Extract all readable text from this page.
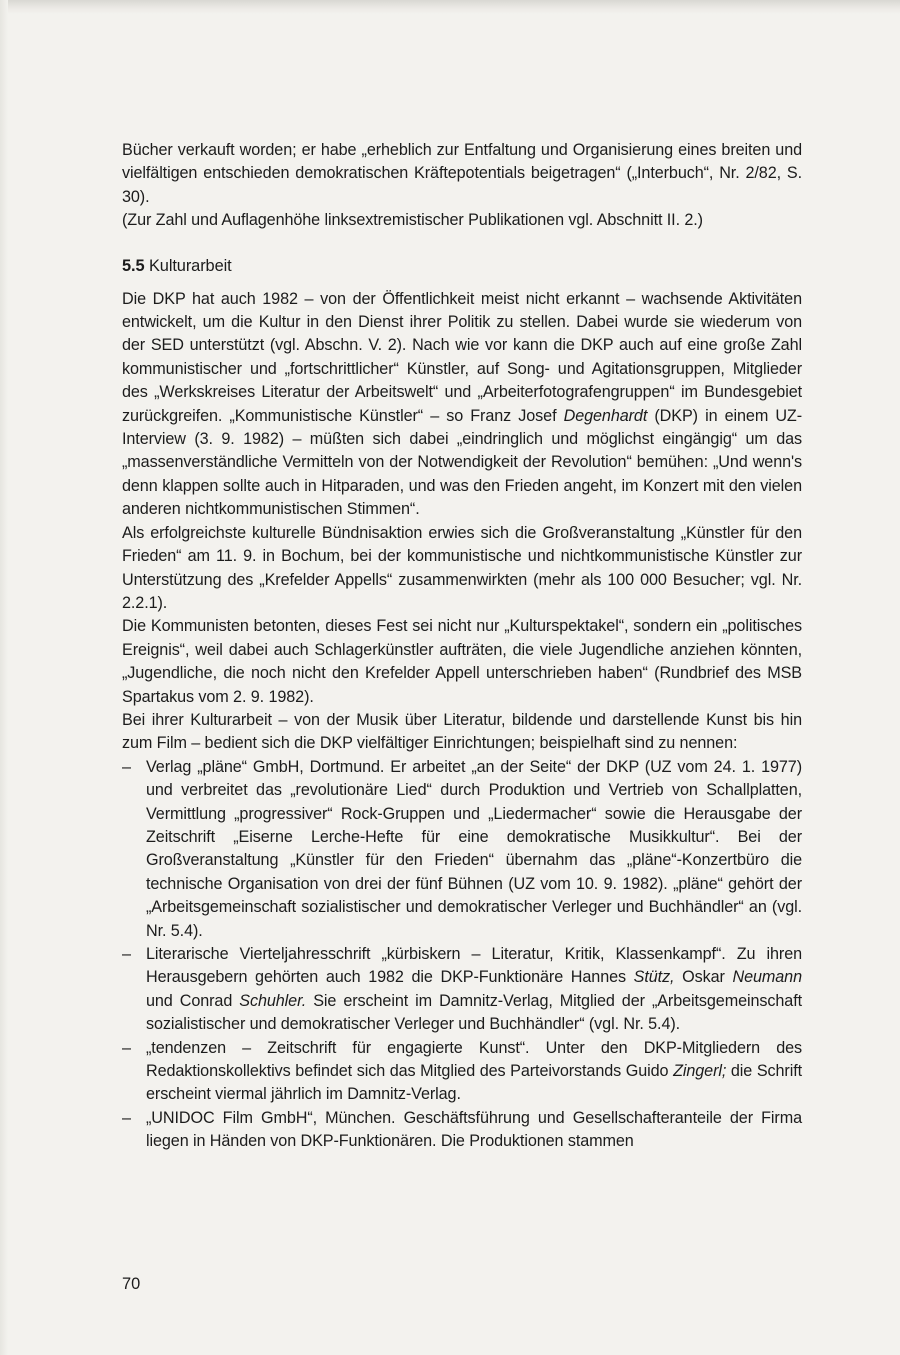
Bücher verkauft worden; er habe „erheblich zur Entfaltung und Organisierung eines breiten und vielfältigen entschieden demokratischen Kräftepotentials beigetragen“ („Interbuch“, Nr. 2/82, S. 30).

(Zur Zahl und Auflagenhöhe linksextremistischer Publikationen vgl. Abschnitt II. 2.)

5.5 Kulturarbeit

Die DKP hat auch 1982 – von der Öffentlichkeit meist nicht erkannt – wachsende Aktivitäten entwickelt, um die Kultur in den Dienst ihrer Politik zu stellen. Dabei wurde sie wiederum von der SED unterstützt (vgl. Abschn. V. 2). Nach wie vor kann die DKP auch auf eine große Zahl kommunistischer und „fortschrittlicher“ Künstler, auf Song- und Agitationsgruppen, Mitglieder des „Werkskreises Literatur der Arbeitswelt“ und „Arbeiterfotografengruppen“ im Bundesgebiet zurückgreifen. „Kommunistische Künstler“ – so Franz Josef Degenhardt (DKP) in einem UZ-Interview (3. 9. 1982) – müßten sich dabei „eindringlich und möglichst eingängig“ um das „massenverständliche Vermitteln von der Notwendigkeit der Revolution“ bemühen: „Und wenn's denn klappen sollte auch in Hitparaden, und was den Frieden angeht, im Konzert mit den vielen anderen nichtkommunistischen Stimmen“.

Als erfolgreichste kulturelle Bündnisaktion erwies sich die Großveranstaltung „Künstler für den Frieden“ am 11. 9. in Bochum, bei der kommunistische und nichtkommunistische Künstler zur Unterstützung des „Krefelder Appells“ zusammenwirkten (mehr als 100 000 Besucher; vgl. Nr. 2.2.1).

Die Kommunisten betonten, dieses Fest sei nicht nur „Kulturspektakel“, sondern ein „politisches Ereignis“, weil dabei auch Schlagerkünstler aufträten, die viele Jugendliche anziehen könnten, „Jugendliche, die noch nicht den Krefelder Appell unterschrieben haben“ (Rundbrief des MSB Spartakus vom 2. 9. 1982).

Bei ihrer Kulturarbeit – von der Musik über Literatur, bildende und darstellende Kunst bis hin zum Film – bedient sich die DKP vielfältiger Einrichtungen; beispielhaft sind zu nennen:

– Verlag „pläne“ GmbH, Dortmund. Er arbeitet „an der Seite“ der DKP (UZ vom 24. 1. 1977) und verbreitet das „revolutionäre Lied“ durch Produktion und Vertrieb von Schallplatten, Vermittlung „progressiver“ Rock-Gruppen und „Liedermacher“ sowie die Herausgabe der Zeitschrift „Eiserne Lerche-Hefte für eine demokratische Musikkultur“. Bei der Großveranstaltung „Künstler für den Frieden“ übernahm das „pläne“-Konzertbüro die technische Organisation von drei der fünf Bühnen (UZ vom 10. 9. 1982). „pläne“ gehört der „Arbeitsgemeinschaft sozialistischer und demokratischer Verleger und Buchhändler“ an (vgl. Nr. 5.4).
– Literarische Vierteljahresschrift „kürbiskern – Literatur, Kritik, Klassenkampf“. Zu ihren Herausgebern gehörten auch 1982 die DKP-Funktionäre Hannes Stütz, Oskar Neumann und Conrad Schuhler. Sie erscheint im Damnitz-Verlag, Mitglied der „Arbeitsgemeinschaft sozialistischer und demokratischer Verleger und Buchhändler“ (vgl. Nr. 5.4).
– „tendenzen – Zeitschrift für engagierte Kunst“. Unter den DKP-Mitgliedern des Redaktionskollektivs befindet sich das Mitglied des Parteivorstands Guido Zingerl; die Schrift erscheint viermal jährlich im Damnitz-Verlag.
– „UNIDOC Film GmbH“, München. Geschäftsführung und Gesellschafteranteile der Firma liegen in Händen von DKP-Funktionären. Die Produktionen stammen
70
